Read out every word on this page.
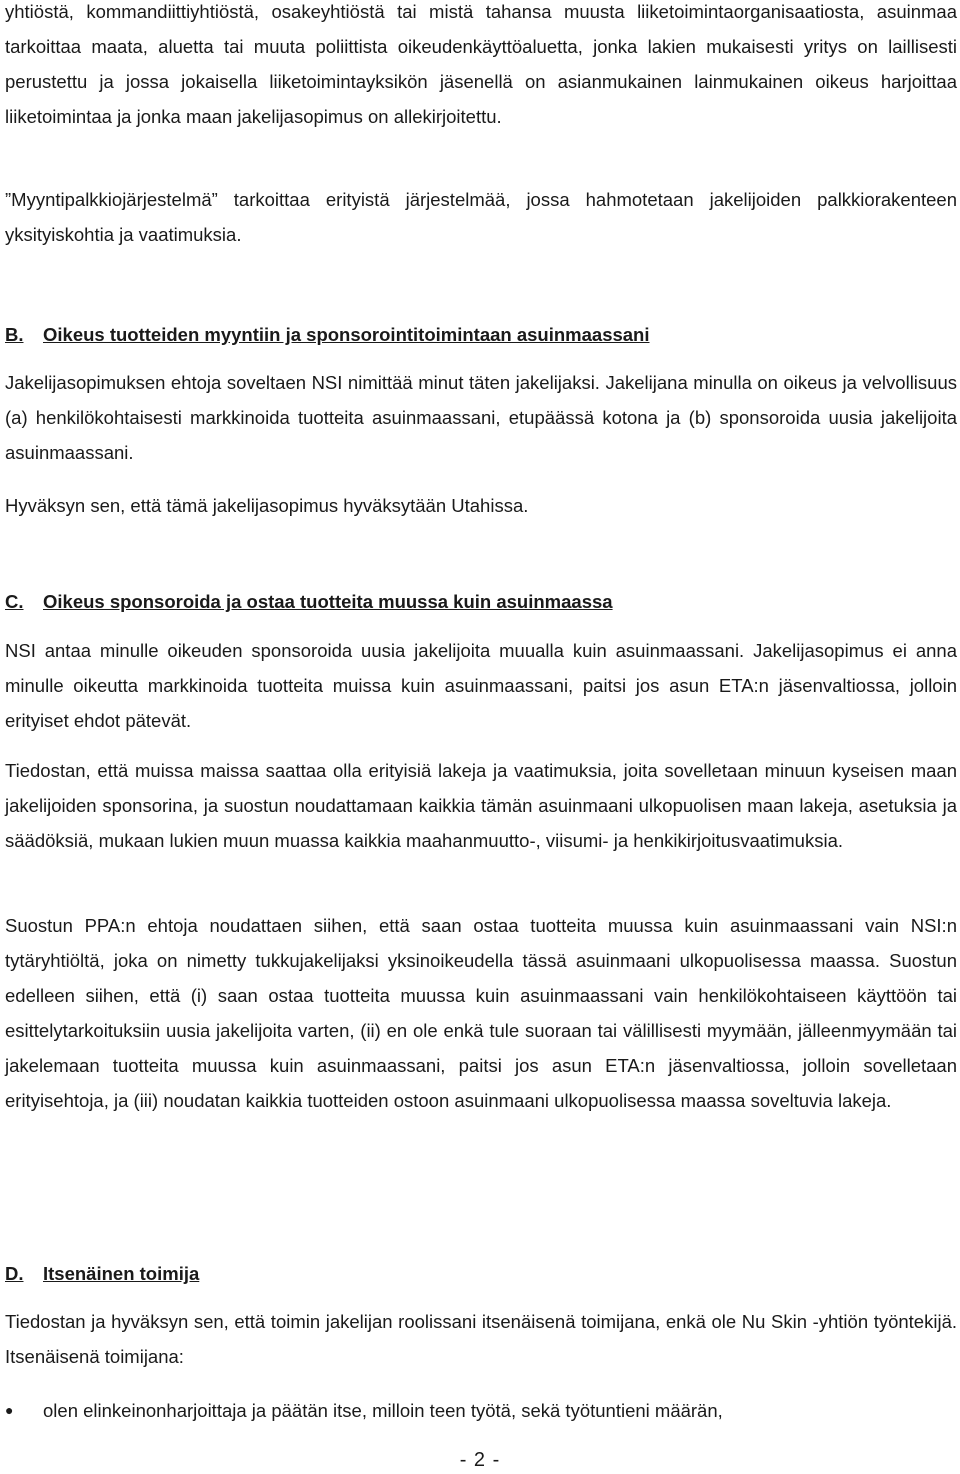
yhtiöstä, kommandiittiyhtiöstä, osakeyhtiöstä tai mistä tahansa muusta liiketoimintaorganisaatiosta, asuinmaa tarkoittaa maata, aluetta tai muuta poliittista oikeudenkäyttöaluetta, jonka lakien mukaisesti yritys on laillisesti perustettu ja jossa jokaisella liiketoimintayksikön jäsenellä on asianmukainen lainmukainen oikeus harjoittaa liiketoimintaa ja jonka maan jakelijasopimus on allekirjoitettu.

”Myyntipalkkiojärjestelmä” tarkoittaa erityistä järjestelmää, jossa hahmotetaan jakelijoiden palkkiorakenteen yksityiskohtia ja vaatimuksia.

B. Oikeus tuotteiden myyntiin ja sponsorointitoimintaan asuinmaassani

Jakelijasopimuksen ehtoja soveltaen NSI nimittää minut täten jakelijaksi. Jakelijana minulla on oikeus ja velvollisuus (a) henkilökohtaisesti markkinoida tuotteita asuinmaassani, etupäässä kotona ja (b) sponsoroida uusia jakelijoita asuinmaassani.

Hyväksyn sen, että tämä jakelijasopimus hyväksytään Utahissa.

C. Oikeus sponsoroida ja ostaa tuotteita muussa kuin asuinmaassa

NSI antaa minulle oikeuden sponsoroida uusia jakelijoita muualla kuin asuinmaassani. Jakelijasopimus ei anna minulle oikeutta markkinoida tuotteita muissa kuin asuinmaassani, paitsi jos asun ETA:n jäsenvaltiossa, jolloin erityiset ehdot pätevät.

Tiedostan, että muissa maissa saattaa olla erityisiä lakeja ja vaatimuksia, joita sovelletaan minuun kyseisen maan jakelijoiden sponsorina, ja suostun noudattamaan kaikkia tämän asuinmaani ulkopuolisen maan lakeja, asetuksia ja säädöksiä, mukaan lukien muun muassa kaikkia maahanmuutto-, viisumi- ja henkikirjoitusvaatimuksia.

Suostun PPA:n ehtoja noudattaen siihen, että saan ostaa tuotteita muussa kuin asuinmaassani vain NSI:n tytäryhtiöltä, joka on nimetty tukkujakelijaksi yksinoikeudella tässä asuinmaani ulkopuolisessa maassa. Suostun edelleen siihen, että (i) saan ostaa tuotteita muussa kuin asuinmaassani vain henkilökohtaiseen käyttöön tai esittelytarkoituksiin uusia jakelijoita varten, (ii) en ole enkä tule suoraan tai välillisesti myymään, jälleenmyymään tai jakelemaan tuotteita muussa kuin asuinmaassani, paitsi jos asun ETA:n jäsenvaltiossa, jolloin sovelletaan erityisehtoja, ja (iii) noudatan kaikkia tuotteiden ostoon asuinmaani ulkopuolisessa maassa soveltuvia lakeja.

D. Itsenäinen toimija

Tiedostan ja hyväksyn sen, että toimin jakelijan roolissani itsenäisenä toimijana, enkä ole Nu Skin -yhtiön työntekijä. Itsenäisenä toimijana:

● olen elinkeinonharjoittaja ja päätän itse, milloin teen työtä, sekä työtuntieni määrän,
- 2 -
